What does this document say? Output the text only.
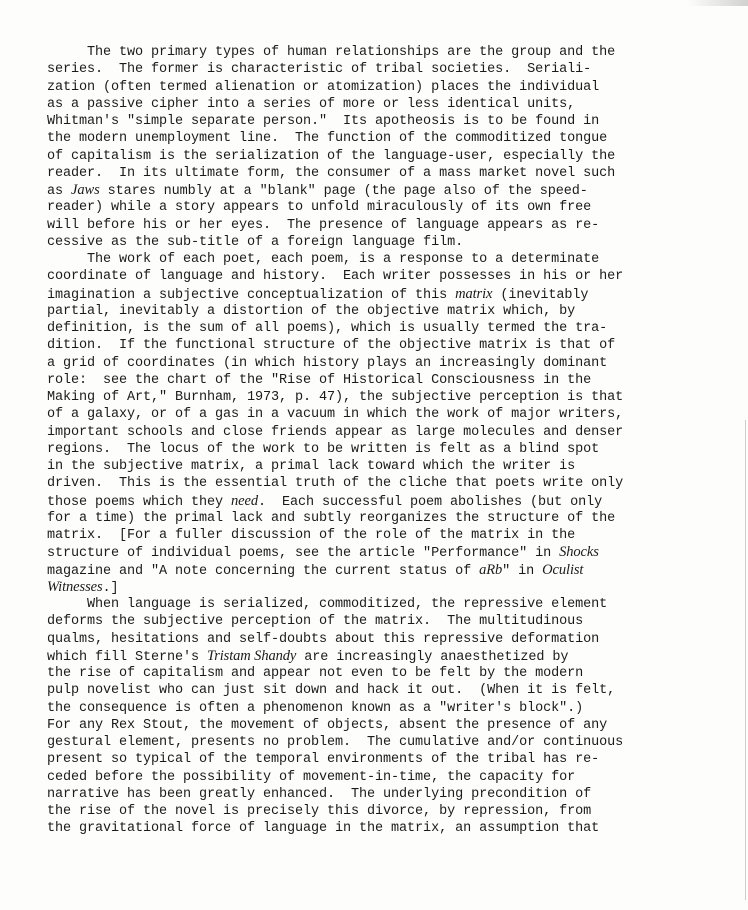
The two primary types of human relationships are the group and the
series.  The former is characteristic of tribal societies.  Seriali-
zation (often termed alienation or atomization) places the individual
as a passive cipher into a series of more or less identical units,
Whitman's "simple separate person."  Its apotheosis is to be found in
the modern unemployment line.  The function of the commoditized tongue
of capitalism is the serialization of the language-user, especially the
reader.  In its ultimate form, the consumer of a mass market novel such
as Jaws stares numbly at a "blank" page (the page also of the speed-
reader) while a story appears to unfold miraculously of its own free
will before his or her eyes.  The presence of language appears as re-
cessive as the sub-title of a foreign language film.
The work of each poet, each poem, is a response to a determinate
coordinate of language and history.  Each writer possesses in his or her
imagination a subjective conceptualization of this matrix (inevitably
partial, inevitably a distortion of the objective matrix which, by
definition, is the sum of all poems), which is usually termed the tra-
dition.  If the functional structure of the objective matrix is that of
a grid of coordinates (in which history plays an increasingly dominant
role:  see the chart of the "Rise of Historical Consciousness in the
Making of Art," Burnham, 1973, p. 47), the subjective perception is that
of a galaxy, or of a gas in a vacuum in which the work of major writers,
important schools and close friends appear as large molecules and denser
regions.  The locus of the work to be written is felt as a blind spot
in the subjective matrix, a primal lack toward which the writer is
driven.  This is the essential truth of the cliche that poets write only
those poems which they need.  Each successful poem abolishes (but only
for a time) the primal lack and subtly reorganizes the structure of the
matrix.  [For a fuller discussion of the role of the matrix in the
structure of individual poems, see the article "Performance" in Shocks
magazine and "A note concerning the current status of aRb" in Oculist
Witnesses.]
When language is serialized, commoditized, the repressive element
deforms the subjective perception of the matrix.  The multitudinous
qualms, hesitations and self-doubts about this repressive deformation
which fill Sterne's Tristam Shandy are increasingly anaesthetized by
the rise of capitalism and appear not even to be felt by the modern
pulp novelist who can just sit down and hack it out.  (When it is felt,
the consequence is often a phenomenon known as a "writer's block".)
For any Rex Stout, the movement of objects, absent the presence of any
gestural element, presents no problem.  The cumulative and/or continuous
present so typical of the temporal environments of the tribal has re-
ceded before the possibility of movement-in-time, the capacity for
narrative has been greatly enhanced.  The underlying precondition of
the rise of the novel is precisely this divorce, by repression, from
the gravitational force of language in the matrix, an assumption that
